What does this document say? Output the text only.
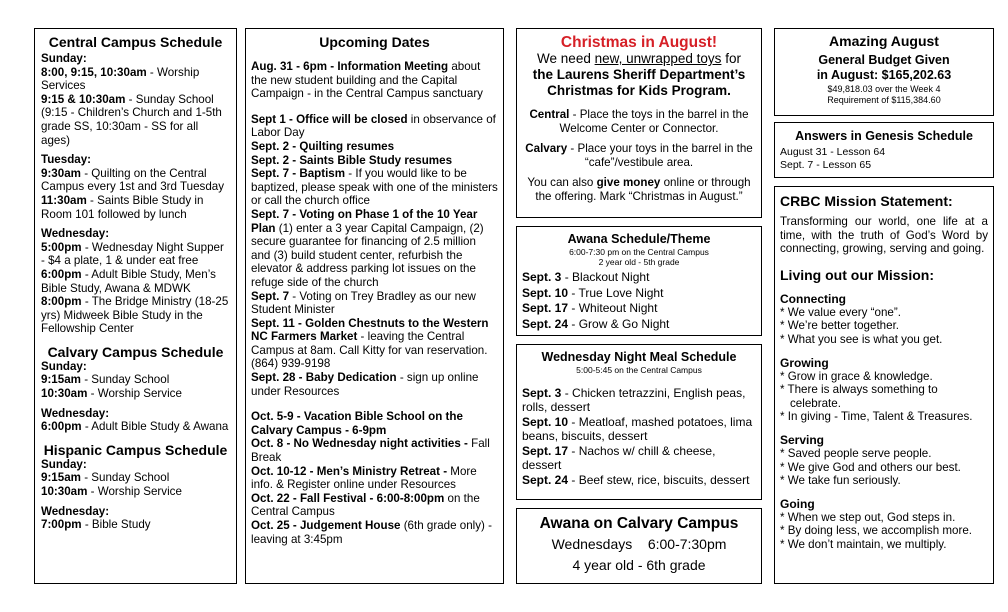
Central Campus Schedule
Sunday:
8:00, 9:15, 10:30am - Worship Services
9:15 & 10:30am - Sunday School (9:15 - Children’s Church and 1-5th grade SS, 10:30am - SS for all ages)
Tuesday:
9:30am - Quilting on the Central Campus every 1st and 3rd Tuesday
11:30am - Saints Bible Study in Room 101 followed by lunch
Wednesday:
5:00pm - Wednesday Night Supper - $4 a plate, 1 & under eat free
6:00pm - Adult Bible Study, Men’s Bible Study, Awana & MDWK
8:00pm - The Bridge Ministry (18-25 yrs) Midweek Bible Study in the Fellowship Center
Calvary Campus Schedule
Sunday:
9:15am - Sunday School
10:30am - Worship Service
Wednesday:
6:00pm - Adult Bible Study & Awana
Hispanic Campus Schedule
Sunday:
9:15am - Sunday School
10:30am - Worship Service
Wednesday:
7:00pm - Bible Study
Upcoming Dates
Aug. 31 - 6pm - Information Meeting about the new student building and the Capital Campaign - in the Central Campus sanctuary
Sept 1 - Office will be closed in observance of Labor Day
Sept. 2 - Quilting resumes
Sept. 2 - Saints Bible Study resumes
Sept. 7 - Baptism - If you would like to be baptized, please speak with one of the ministers or call the church office
Sept. 7 - Voting on Phase 1 of the 10 Year Plan (1) enter a 3 year Capital Campaign, (2) secure guarantee for financing of 2.5 million and (3) build student center, refurbish the elevator & address parking lot issues on the refuge side of the church
Sept. 7 - Voting on Trey Bradley as our new Student Minister
Sept. 11 - Golden Chestnuts to the Western NC Farmers Market - leaving the Central Campus at 8am. Call Kitty for van reservation. (864) 939-9198
Sept. 28 - Baby Dedication - sign up online under Resources
Oct. 5-9 - Vacation Bible School on the Calvary Campus - 6-9pm
Oct. 8 - No Wednesday night activities - Fall Break
Oct. 10-12 - Men’s Ministry Retreat - More info. & Register online under Resources
Oct. 22 - Fall Festival - 6:00-8:00pm on the Central Campus
Oct. 25 - Judgement House (6th grade only) - leaving at 3:45pm
Christmas in August!
We need new, unwrapped toys for
the Laurens Sheriff Department’s Christmas for Kids Program.
Central - Place the toys in the barrel in the Welcome Center or Connector.
Calvary - Place your toys in the barrel in the “cafe”/vestibule area.
You can also give money online or through the offering. Mark “Christmas in August.”
Awana Schedule/Theme
6:00-7:30 pm on the Central Campus
2 year old - 5th grade
Sept. 3 - Blackout Night
Sept. 10 - True Love Night
Sept. 17 - Whiteout Night
Sept. 24 - Grow & Go Night
Wednesday Night Meal Schedule
5:00-5:45 on the Central Campus
Sept. 3 - Chicken tetrazzini, English peas, rolls, dessert
Sept. 10 - Meatloaf, mashed potatoes, lima beans, biscuits, dessert
Sept. 17 - Nachos w/ chill & cheese, dessert
Sept. 24 - Beef stew, rice, biscuits, dessert
Awana on Calvary Campus
Wednesdays    6:00-7:30pm
4 year old - 6th grade
Amazing August
General Budget Given
in August: $165,202.63
$49,818.03 over the Week 4
Requirement of $115,384.60
Answers in Genesis Schedule
August 31 - Lesson 64
Sept. 7 - Lesson 65
CRBC Mission Statement:
Transforming our world, one life at a time, with the truth of God’s Word by connecting, growing, serving and going.
Living out our Mission:
Connecting
* We value every “one”.
* We’re better together.
* What you see is what you get.
Growing
* Grow in grace & knowledge.
* There is always something to celebrate.
* In giving - Time, Talent & Treasures.
Serving
* Saved people serve people.
* We give God and others our best.
* We take fun seriously.
Going
* When we step out, God steps in.
* By doing less, we accomplish more.
* We don’t maintain, we multiply.
